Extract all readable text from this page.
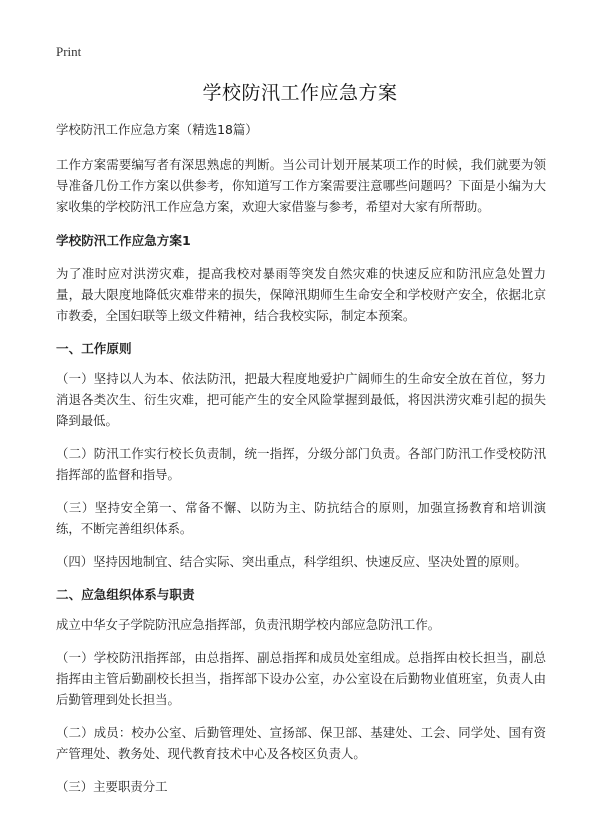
Print
学校防汛工作应急方案

学校防汛工作应急方案（精选18篇）

工作方案需要编写者有深思熟虑的判断。当公司计划开展某项工作的时候，我们就要为领导准备几份工作方案以供参考，你知道写工作方案需要注意哪些问题吗？下面是小编为大家收集的学校防汛工作应急方案，欢迎大家借鉴与参考，希望对大家有所帮助。

学校防汛工作应急方案1

为了准时应对洪涝灾难，提高我校对暴雨等突发自然灾难的快速反应和防汛应急处置力量，最大限度地降低灾难带来的损失，保障汛期师生生命安全和学校财产安全，依据北京市教委，全国妇联等上级文件精神，结合我校实际，制定本预案。

一、工作原则

（一）坚持以人为本、依法防汛，把最大程度地爱护广阔师生的生命安全放在首位，努力消退各类次生、衍生灾难，把可能产生的安全风险掌握到最低，将因洪涝灾难引起的损失降到最低。

（二）防汛工作实行校长负责制，统一指挥，分级分部门负责。各部门防汛工作受校防汛指挥部的监督和指导。

（三）坚持安全第一、常备不懈、以防为主、防抗结合的原则，加强宣扬教育和培训演练，不断完善组织体系。

（四）坚持因地制宜、结合实际、突出重点，科学组织、快速反应、坚决处置的原则。

二、应急组织体系与职责

成立中华女子学院防汛应急指挥部，负责汛期学校内部应急防汛工作。

（一）学校防汛指挥部，由总指挥、副总指挥和成员处室组成。总指挥由校长担当，副总指挥由主管后勤副校长担当，指挥部下设办公室，办公室设在后勤物业值班室，负责人由后勤管理到处长担当。

（二）成员：校办公室、后勤管理处、宣扬部、保卫部、基建处、工会、同学处、国有资产管理处、教务处、现代教育技术中心及各校区负责人。

（三）主要职责分工
